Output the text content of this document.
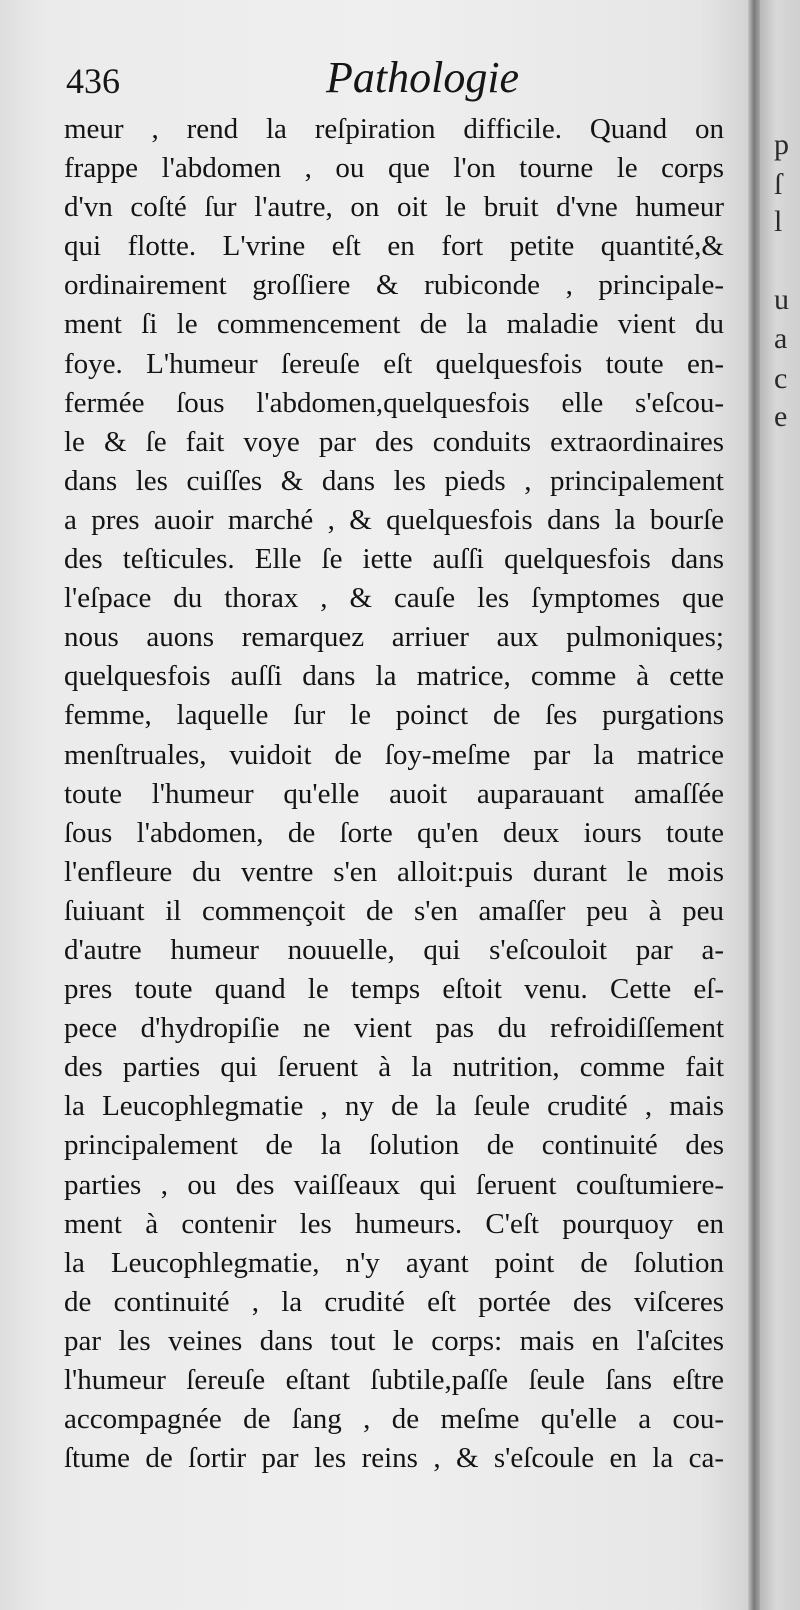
436	Pathologie
meur , rend la reſpiration difficile. Quand on
frappe l'abdomen , ou que l'on tourne le corps
d'vn coſté ſur l'autre, on oit le bruit d'vne humeur
qui flotte. L'vrine eſt en fort petite quantité,&
ordinairement groſſiere & rubiconde , principale-
ment ſi le commencement de la maladie vient du
foye. L'humeur ſereuſe eſt quelquesfois toute en-
fermée ſous l'abdomen,quelquesfois elle s'eſcou-
le & ſe fait voye par des conduits extraordinaires
dans les cuiſſes & dans les pieds , principalement
a pres auoir marché , & quelquesfois dans la bourſe
des teſticules. Elle ſe iette auſſi quelquesfois dans
l'eſpace du thorax , & cauſe les ſymptomes que
nous auons remarquez arriuer aux pulmoniques;
quelquesfois auſſi dans la matrice, comme à cette
femme, laquelle ſur le poinct de ſes purgations
menſtruales, vuidoit de ſoy-meſme par la matrice
toute l'humeur qu'elle auoit auparauant amaſſée
ſous l'abdomen, de ſorte qu'en deux iours toute
l'enfleure du ventre s'en alloit:puis durant le mois
ſuiuant il commençoit de s'en amaſſer peu à peu
d'autre humeur nouuelle, qui s'eſcouloit par a-
pres toute quand le temps eſtoit venu. Cette eſ-
pece d'hydropiſie ne vient pas du refroidiſſement
des parties qui ſeruent à la nutrition, comme fait
la Leucophlegmatie , ny de la ſeule crudité , mais
principalement de la ſolution de continuité des
parties , ou des vaiſſeaux qui ſeruent couſtumiere-
ment à contenir les humeurs. C'eſt pourquoy en
la Leucophlegmatie, n'y ayant point de ſolution
de continuité , la crudité eſt portée des viſceres
par les veines dans tout le corps: mais en l'aſcites
l'humeur ſereuſe eſtant ſubtile,paſſe ſeule ſans eſtre
accompagnée de ſang , de meſme qu'elle a cou-
ſtume de ſortir par les reins , & s'eſcoule en la ca-
p
ſ
l
u
a
c
e
